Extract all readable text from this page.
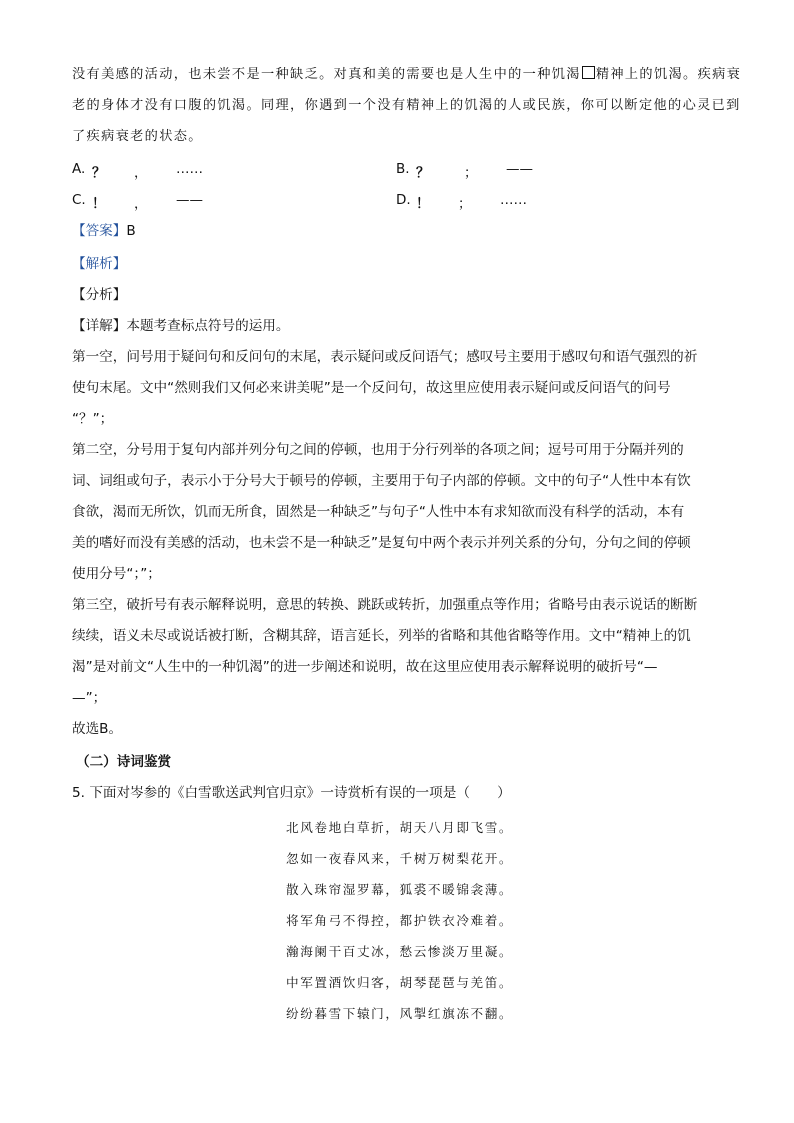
没有美感的活动，也未尝不是一种缺乏。对真和美的需要也是人生中的一种饥渴 精神上的饥渴。疾病衰
老的身体才没有口腹的饥渴。同理，你遇到一个没有精神上的饥渴的人或民族，你可以断定他的心灵已到
了疾病衰老的状态。
A. ？ ， ……	B. ？	； ——
C. ！ ， ——	D. ！ ； ……
【答案】B
【解析】
【分析】
【详解】本题考查标点符号的运用。
第一空，问号用于疑问句和反问句的末尾，表示疑问或反问语气；感叹号主要用于感叹句和语气强烈的祈
使句末尾。文中“然则我们又何必来讲美呢”是一个反问句，故这里应使用表示疑问或反问语气的问号
“？”；
第二空，分号用于复句内部并列分句之间的停顿，也用于分行列举的各项之间；逗号可用于分隔并列的
词、词组或句子，表示小于分号大于顿号的停顿，主要用于句子内部的停顿。文中的句子“人性中本有饮
食欲，渴而无所饮，饥而无所食，固然是一种缺乏”与句子“人性中本有求知欲而没有科学的活动，本有
美的嗜好而没有美感的活动，也未尝不是一种缺乏”是复句中两个表示并列关系的分句，分句之间的停顿
使用分号“；”；
第三空，破折号有表示解释说明，意思的转换、跳跃或转折，加强重点等作用；省略号由表示说话的断断
续续，语义未尽或说话被打断，含糊其辞，语言延长，列举的省略和其他省略等作用。文中“精神上的饥
渴”是对前文“人生中的一种饥渴”的进一步阐述和说明，故在这里应使用表示解释说明的破折号“—
—”；
故选B。
（二）诗词鉴赏
5. 下面对岑参的《白雪歌送武判官归京》一诗赏析有误的一项是（　　）
北风卷地白草折，胡天八月即飞雪。
忽如一夜春风来，千树万树梨花开。
散入珠帘湿罗幕，狐裘不暖锦衾薄。
将军角弓不得控，都护铁衣冷难着。
瀚海阑干百丈冰，愁云惨淡万里凝。
中军置酒饮归客，胡琴琵琶与羌笛。
纷纷暮雪下辕门，风掣红旗冻不翻。
